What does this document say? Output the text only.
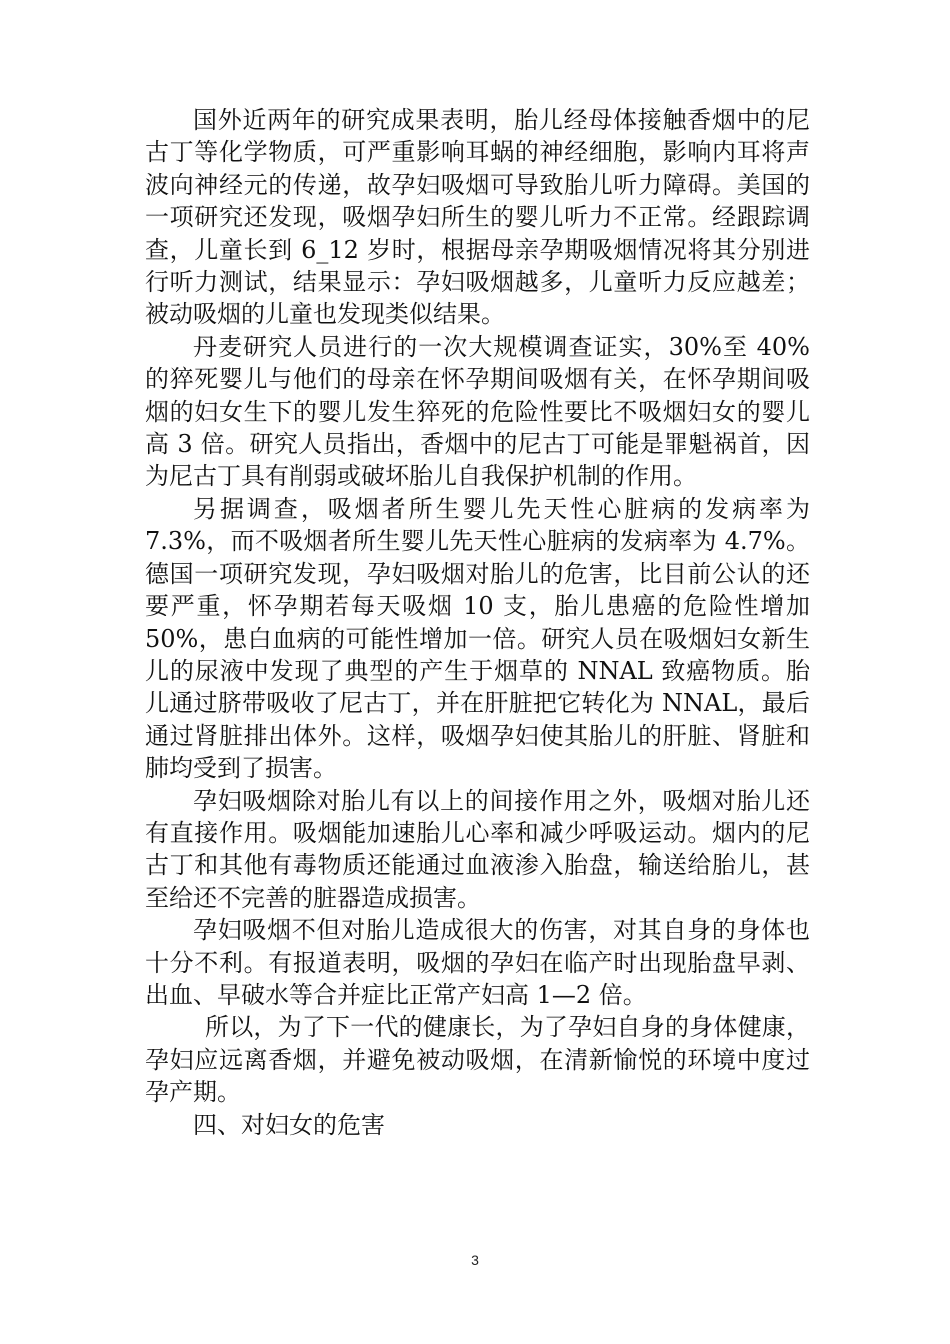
国外近两年的研究成果表明，胎儿经母体接触香烟中的尼古丁等化学物质，可严重影响耳蜗的神经细胞，影响内耳将声波向神经元的传递，故孕妇吸烟可导致胎儿听力障碍。美国的一项研究还发现，吸烟孕妇所生的婴儿听力不正常。经跟踪调查，儿童长到 6_12 岁时，根据母亲孕期吸烟情况将其分别进行听力测试，结果显示：孕妇吸烟越多，儿童听力反应越差；被动吸烟的儿童也发现类似结果。

丹麦研究人员进行的一次大规模调查证实，30%至 40%的猝死婴儿与他们的母亲在怀孕期间吸烟有关，在怀孕期间吸烟的妇女生下的婴儿发生猝死的危险性要比不吸烟妇女的婴儿高 3 倍。研究人员指出，香烟中的尼古丁可能是罪魁祸首，因为尼古丁具有削弱或破坏胎儿自我保护机制的作用。

另据调查，吸烟者所生婴儿先天性心脏病的发病率为 7.3%，而不吸烟者所生婴儿先天性心脏病的发病率为 4.7%。德国一项研究发现，孕妇吸烟对胎儿的危害，比目前公认的还要严重，怀孕期若每天吸烟 10 支，胎儿患癌的危险性增加 50%，患白血病的可能性增加一倍。研究人员在吸烟妇女新生儿的尿液中发现了典型的产生于烟草的 NNAL 致癌物质。胎儿通过脐带吸收了尼古丁，并在肝脏把它转化为 NNAL，最后通过肾脏排出体外。这样，吸烟孕妇使其胎儿的肝脏、肾脏和肺均受到了损害。

孕妇吸烟除对胎儿有以上的间接作用之外，吸烟对胎儿还有直接作用。吸烟能加速胎儿心率和减少呼吸运动。烟内的尼古丁和其他有毒物质还能通过血液渗入胎盘，输送给胎儿，甚至给还不完善的脏器造成损害。

孕妇吸烟不但对胎儿造成很大的伤害，对其自身的身体也十分不利。有报道表明，吸烟的孕妇在临产时出现胎盘早剥、出血、早破水等合并症比正常产妇高 1—2 倍。

所以，为了下一代的健康长，为了孕妇自身的身体健康，孕妇应远离香烟，并避免被动吸烟，在清新愉悦的环境中度过孕产期。

四、对妇女的危害

3
